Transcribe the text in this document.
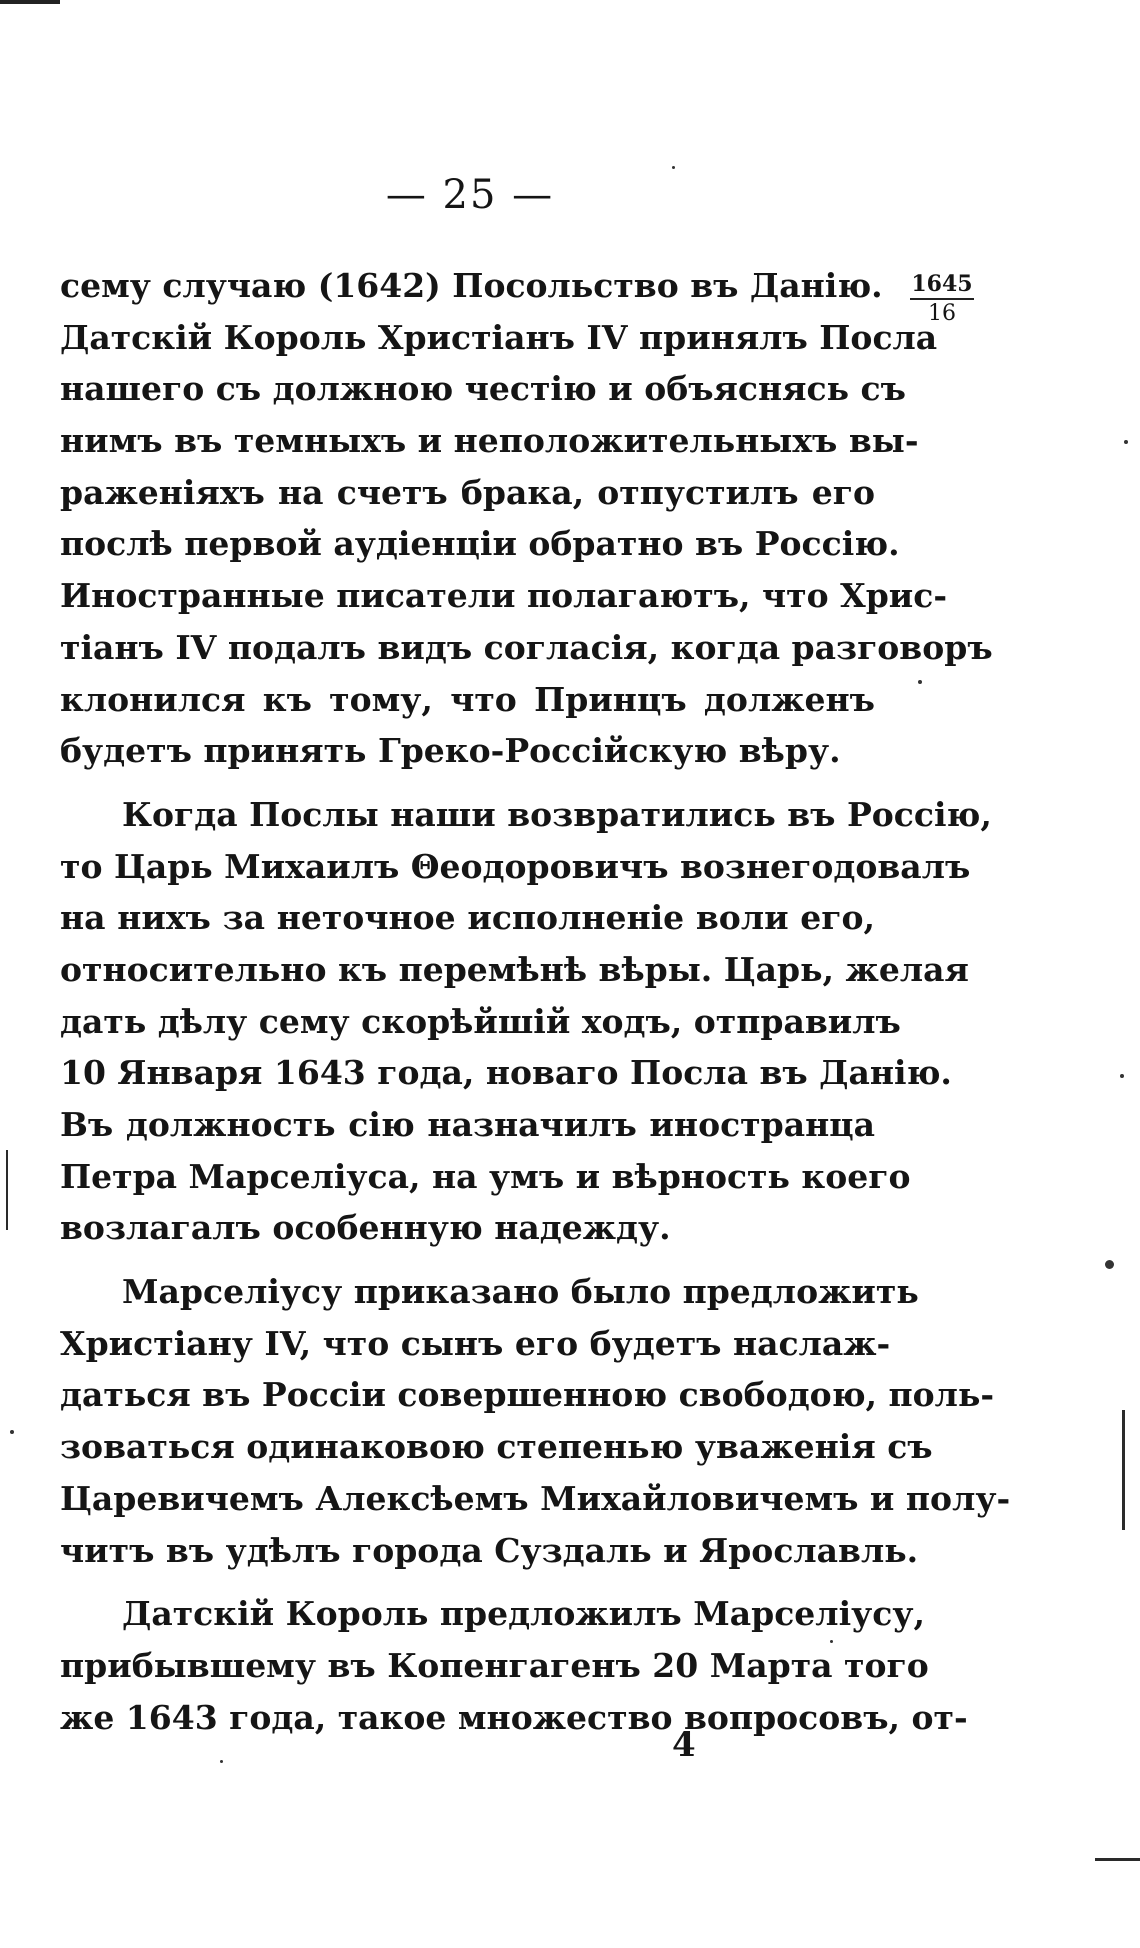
— 25 —
$\frac{1645}{16}$
сему случаю (1642) Посольство въ Данію.
Датскій Король Христіанъ IV принялъ Посла
нашего съ должною честію и объяснясь съ
нимъ въ темныхъ и неположительныхъ вы-
раженіяхъ на счетъ брака, отпустилъ его
послѣ первой аудіенціи обратно въ Россію.
Иностранные писатели полагаютъ, что Хрис-
тіанъ IV подалъ видъ согласія, когда разговоръ
клонился къ тому, что Принцъ долженъ
будетъ принять Греко-Россійскую вѣру.
Когда Послы наши возвратились въ Россію,
то Царь Михаилъ Θеодоровичъ вознегодовалъ
на нихъ за неточное исполненіе воли его,
относительно къ перемѣнѣ вѣры. Царь, желая
дать дѣлу сему скорѣйшій ходъ, отправилъ
10 Января 1643 года, новаго Посла въ Данію.
Въ должность сію назначилъ иностранца
Петра Марселіуса, на умъ и вѣрность коего
возлагалъ особенную надежду.
Марселіусу приказано было предложить
Христіану IV, что сынъ его будетъ наслаж-
даться въ Россіи совершенною свободою, поль-
зоваться одинаковою степенью уваженія съ
Царевичемъ Алексѣемъ Михайловичемъ и полу-
читъ въ удѣлъ города Суздаль и Ярославль.
Датскій Король предложилъ Марселіусу,
прибывшему въ Копенгагенъ 20 Марта того
же 1643 года, такое множество вопросовъ, от-
4
